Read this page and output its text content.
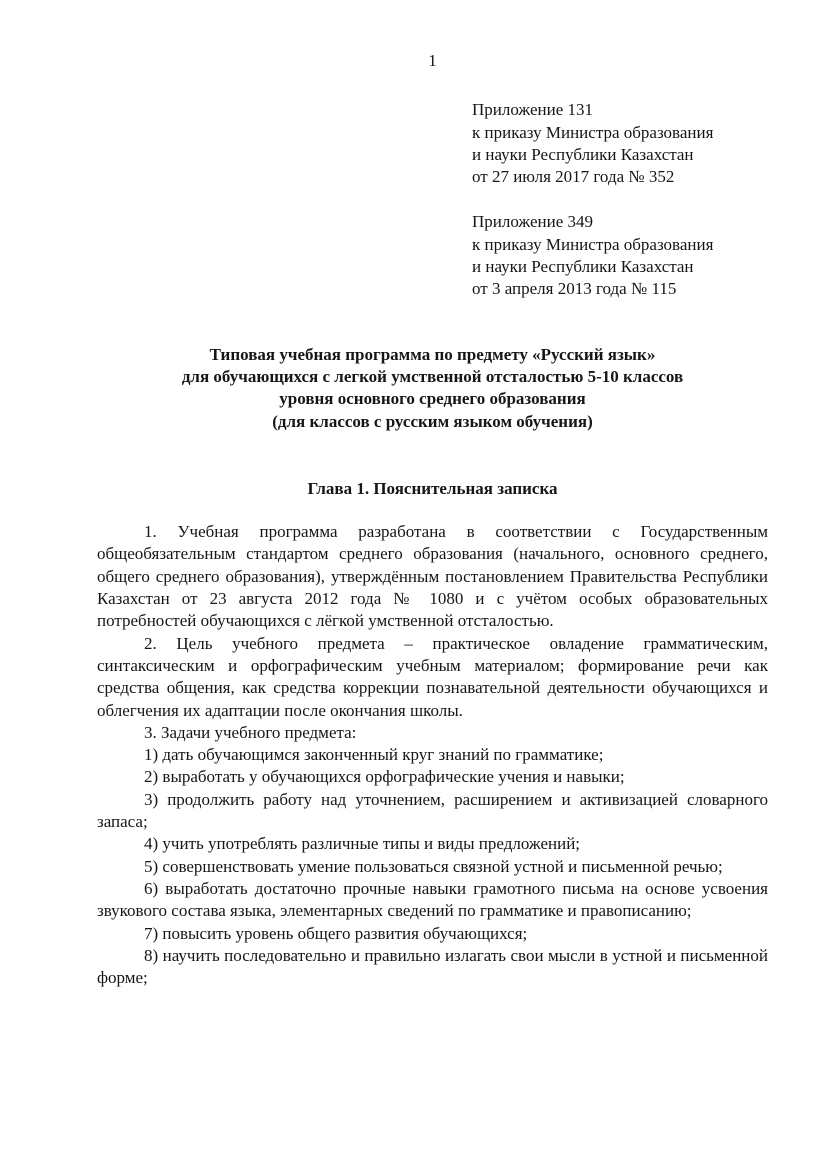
1
Приложение 131
к приказу Министра образования
и науки Республики Казахстан
от 27 июля 2017 года № 352
Приложение 349
к приказу Министра образования
и науки Республики Казахстан
от 3 апреля 2013 года № 115
Типовая учебная программа по предмету «Русский язык»
для обучающихся с легкой умственной отсталостью 5-10 классов
уровня основного среднего образования
(для классов с русским языком обучения)
Глава 1. Пояснительная записка

1. Учебная программа разработана в соответствии с Государственным общеобязательным стандартом среднего образования (начального, основного среднего, общего среднего образования), утверждённым постановлением Правительства Республики Казахстан от 23 августа 2012 года № 1080 и с учётом особых образовательных потребностей обучающихся с лёгкой умственной отсталостью.

2. Цель учебного предмета – практическое овладение грамматическим, синтаксическим и орфографическим учебным материалом; формирование речи как средства общения, как средства коррекции познавательной деятельности обучающихся и облегчения их адаптации после окончания школы.

3. Задачи учебного предмета:

1) дать обучающимся законченный круг знаний по грамматике;

2) выработать у обучающихся орфографические учения и навыки;

3) продолжить работу над уточнением, расширением и активизацией словарного запаса;

4) учить употреблять различные типы и виды предложений;

5) совершенствовать умение пользоваться связной устной и письменной речью;

6) выработать достаточно прочные навыки грамотного письма на основе усвоения звукового состава языка, элементарных сведений по грамматике и правописанию;

7) повысить уровень общего развития обучающихся;

8) научить последовательно и правильно излагать свои мысли в устной и письменной форме;
